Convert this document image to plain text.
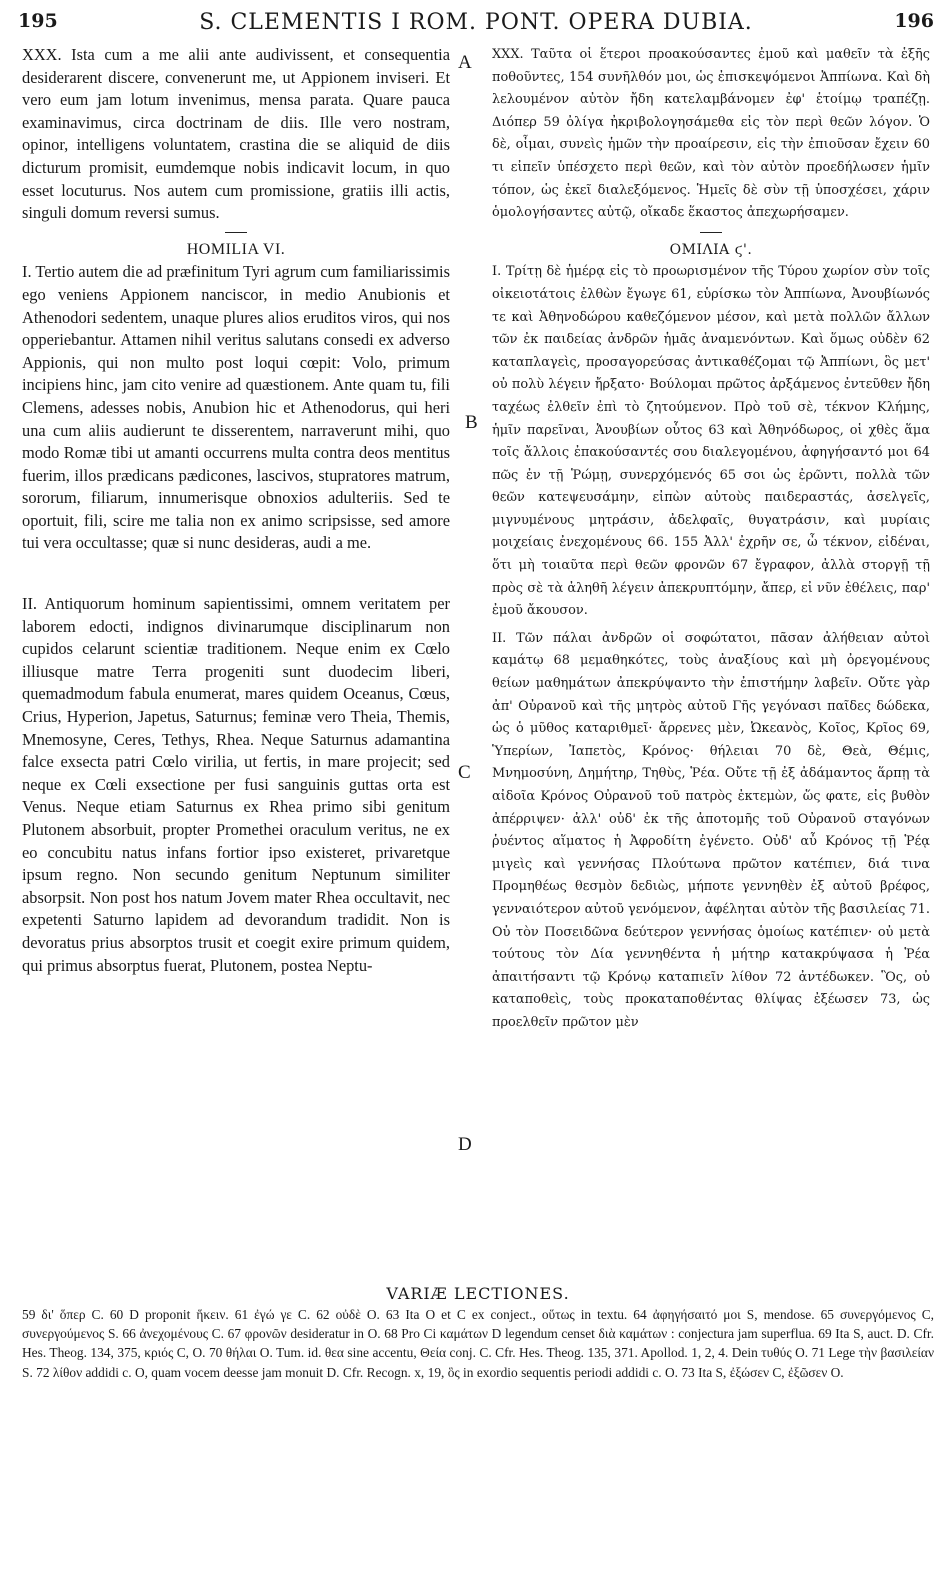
195	S. CLEMENTIS I ROM. PONT. OPERA DUBIA.	196

XXX. Ista cum a me alii ante audivissent, et consequentia desiderarent discere, convenerunt me, ut Appionem inviseri. Et vero eum jam lotum invenimus, mensa parata. Quare pauca examinavimus, circa doctrinam de diis. Ille vero nostram, opinor, intelligens voluntatem, crastina die se aliquid de diis dicturum promisit, eumdemque nobis indicavit locum, in quo esset locuturus. Nos autem cum promissione, gratiis illi actis, singuli domum reversi sumus.

HOMILIA VI.

I. Tertio autem die ad præfinitum Tyri agrum cum familiarissimis ego veniens Appionem nanciscor, in medio Anubionis et Athenodori sedentem, unaque plures alios eruditos viros, qui nos opperiebantur. Attamen nihil veritus salutans consedi ex adverso Appionis, qui non multo post loqui cœpit: Volo, primum incipiens hinc, jam cito venire ad quæstionem. Ante quam tu, fili Clemens, adesses nobis, Anubion hic et Athenodorus, qui heri una cum aliis audierunt te disserentem, narraverunt mihi, quo modo Romæ tibi ut amanti occurrens multa contra deos mentitus fuerim, illos prædicans pædicones, lascivos, stupratores matrum, sororum, filiarum, innumerisque obnoxios adulteriis. Sed te oportuit, fili, scire me talia non ex animo scripsisse, sed amore tui vera occultasse; quæ si nunc desideras, audi a me.

II. Antiquorum hominum sapientissimi, omnem veritatem per laborem edocti, indignos divinarumque disciplinarum non cupidos celarunt scientiæ traditionem. Neque enim ex Cœlo illiusque matre Terra progeniti sunt duodecim liberi, quemadmodum fabula enumerat, mares quidem Oceanus, Cœus, Crius, Hyperion, Japetus, Saturnus; feminæ vero Theia, Themis, Mnemosyne, Ceres, Tethys, Rhea. Neque Saturnus adamantina falce exsecta patri Cœlo virilia, ut fertis, in mare projecit; sed neque ex Cœli exsectione per fusi sanguinis guttas orta est Venus. Neque etiam Saturnus ex Rhea primo sibi genitum Plutonem absorbuit, propter Promethei oraculum veritus, ne ex eo concubitu natus infans fortior ipso existeret, privaretque ipsum regno. Non secundo genitum Neptunum similiter absorpsit. Non post hos natum Jovem mater Rhea occultavit, nec expetenti Saturno lapidem ad devorandum tradidit. Non is devoratus prius absorptos trusit et coegit exire primum quidem, qui primus absorptus fuerat, Plutonem, postea Neptu-

XXX. Ταῦτα οἱ ἕτεροι προακούσαντες ἐμοῦ καὶ μαθεῖν τὰ ἑξῆς ποθοῦντες, 154 συνῆλθόν μοι, ὡς ἐπισκεψόμενοι Ἀππίωνα. Καὶ δὴ λελουμένον αὐτὸν ἤδη κατελαμβάνομεν ἐφ' ἑτοίμῳ τραπέζῃ. Διόπερ 59 ὀλίγα ἠκριβολογησάμεθα εἰς τὸν περὶ θεῶν λόγον. Ὁ δὲ, οἶμαι, συνεὶς ἡμῶν τὴν προαίρεσιν, εἰς τὴν ἐπιοῦσαν ἔχειν 60 τι εἰπεῖν ὑπέσχετο περὶ θεῶν, καὶ τὸν αὐτὸν προεδήλωσεν ἡμῖν τόπον, ὡς ἐκεῖ διαλεξόμενος. Ἡμεῖς δὲ σὺν τῇ ὑποσχέσει, χάριν ὁμολογήσαντες αὐτῷ, οἴκαδε ἕκαστος ἀπεχωρήσαμεν.

ΟΜΙΛΙΑ ϛ'.

I. Τρίτῃ δὲ ἡμέρᾳ εἰς τὸ προωρισμένον τῆς Τύρου χωρίον σὺν τοῖς οἰκειοτάτοις ἐλθὼν ἔγωγε 61, εὑρίσκω τὸν Ἀππίωνα, Ἀνουβίωνός τε καὶ Ἀθηνοδώρου καθεζόμενον μέσον, καὶ μετὰ πολλῶν ἄλλων τῶν ἐκ παιδείας ἀνδρῶν ἡμᾶς ἀναμενόντων. Καὶ ὅμως οὐδὲν 62 καταπλαγεὶς, προσαγορεύσας ἀντικαθέζομαι τῷ Ἀππίωνι, ὃς μετ' οὐ πολὺ λέγειν ἤρξατο· Βούλομαι πρῶτος ἀρξάμενος ἐντεῦθεν ἤδη ταχέως ἐλθεῖν ἐπὶ τὸ ζητούμενον. Πρὸ τοῦ σὲ, τέκνον Κλήμης, ἡμῖν παρεῖναι, Ἀνουβίων οὗτος 63 καὶ Ἀθηνόδωρος, οἱ χθὲς ἅμα τοῖς ἄλλοις ἐπακούσαντές σου διαλεγομένου, ἀφηγήσαντό μοι 64 πῶς ἐν τῇ Ῥώμῃ, συνερχόμενός 65 σοι ὡς ἐρῶντι, πολλὰ τῶν θεῶν κατεψευσάμην, εἰπὼν αὐτοὺς παιδεραστάς, ἀσελγεῖς, μιγνυμένους μητράσιν, ἀδελφαῖς, θυγατράσιν, καὶ μυρίαις μοιχείαις ἐνεχομένους 66. 155 Ἀλλ' ἐχρῆν σε, ὦ τέκνον, εἰδέναι, ὅτι μὴ τοιαῦτα περὶ θεῶν φρονῶν 67 ἔγραφον, ἀλλὰ στοργῇ τῇ πρὸς σὲ τὰ ἀληθῆ λέγειν ἀπεκρυπτόμην, ἄπερ, εἰ νῦν ἐθέλεις, παρ' ἐμοῦ ἄκουσον.

II. Τῶν πάλαι ἀνδρῶν οἱ σοφώτατοι, πᾶσαν ἀλήθειαν αὐτοὶ καμάτῳ 68 μεμαθηκότες, τοὺς ἀναξίους καὶ μὴ ὀρεγομένους θείων μαθημάτων ἀπεκρύψαντο τὴν ἐπιστήμην λαβεῖν. Οὔτε γὰρ ἀπ' Οὐρανοῦ καὶ τῆς μητρὸς αὐτοῦ Γῆς γεγόνασι παῖδες δώδεκα, ὡς ὁ μῦθος καταριθμεῖ· ἄρρενες μὲν, Ὠκεανὸς, Κοῖος, Κρῖος 69, Ὑπερίων, Ἰαπετὸς, Κρόνος· θήλειαι 70 δὲ, Θεὰ, Θέμις, Μνημοσύνη, Δημήτηρ, Τηθὺς, Ῥέα. Οὔτε τῇ ἐξ ἀδάμαντος ἅρπῃ τὰ αἰδοῖα Κρόνος Οὐρανοῦ τοῦ πατρὸς ἐκτεμὼν, ὥς φατε, εἰς βυθὸν ἀπέρριψεν· ἀλλ' οὐδ' ἐκ τῆς ἀποτομῆς τοῦ Οὐρανοῦ σταγόνων ῥυέντος αἵματος ἡ Ἀφροδίτη ἐγένετο. Οὐδ' αὖ Κρόνος τῇ Ῥέᾳ μιγεὶς καὶ γεννήσας Πλούτωνα πρῶτον κατέπιεν, διά τινα Προμηθέως θεσμὸν δεδιὼς, μήποτε γεννηθὲν ἐξ αὐτοῦ βρέφος, γενναιότερον αὐτοῦ γενόμενον, ἀφέληται αὐτὸν τῆς βασιλείας 71. Οὐ τὸν Ποσειδῶνα δεύτερον γεννήσας ὁμοίως κατέπιεν· οὐ μετὰ τούτους τὸν Δία γεννηθέντα ἡ μήτηρ κατακρύψασα ἡ Ῥέα ἀπαιτήσαντι τῷ Κρόνῳ καταπιεῖν λίθον 72 ἀντέδωκεν. Ὃς, οὐ καταποθεὶς, τοὺς προκαταποθέντας θλίψας ἐξέωσεν 73, ὡς προελθεῖν πρῶτον μὲν

A
B
C
D

VARIÆ LECTIONES.

59 δι' ὅπερ C. 60 D proponit ἥκειν. 61 ἐγώ γε C. 62 οὐδὲ O. 63 Ita O et C ex conject., οὕτως in textu. 64 ἀφηγήσαιτό μοι S, mendose. 65 συνεργόμενος C, συνεργούμενος S. 66 ἀνεχομένους C. 67 φρονῶν desideratur in O. 68 Pro Ci καμάτων D legendum censet διὰ καμάτων : conjectura jam superflua. 69 Ita S, auct. D. Cfr. Hes. Theog. 134, 375, κριός C, O. 70 θήλαι O. Tum. id. θεα sine accentu, Θεία conj. C. Cfr. Hes. Theog. 135, 371. Apollod. 1, 2, 4. Dein τυθύς O. 71 Lege τὴν βασιλείαν S. 72 λίθον addidi c. O, quam vocem deesse jam monuit D. Cfr. Recogn. x, 19, ὃς in exordio sequentis periodi addidi c. O. 73 Ita S, ἐξώσεν C, ἐξῶσεν O.
